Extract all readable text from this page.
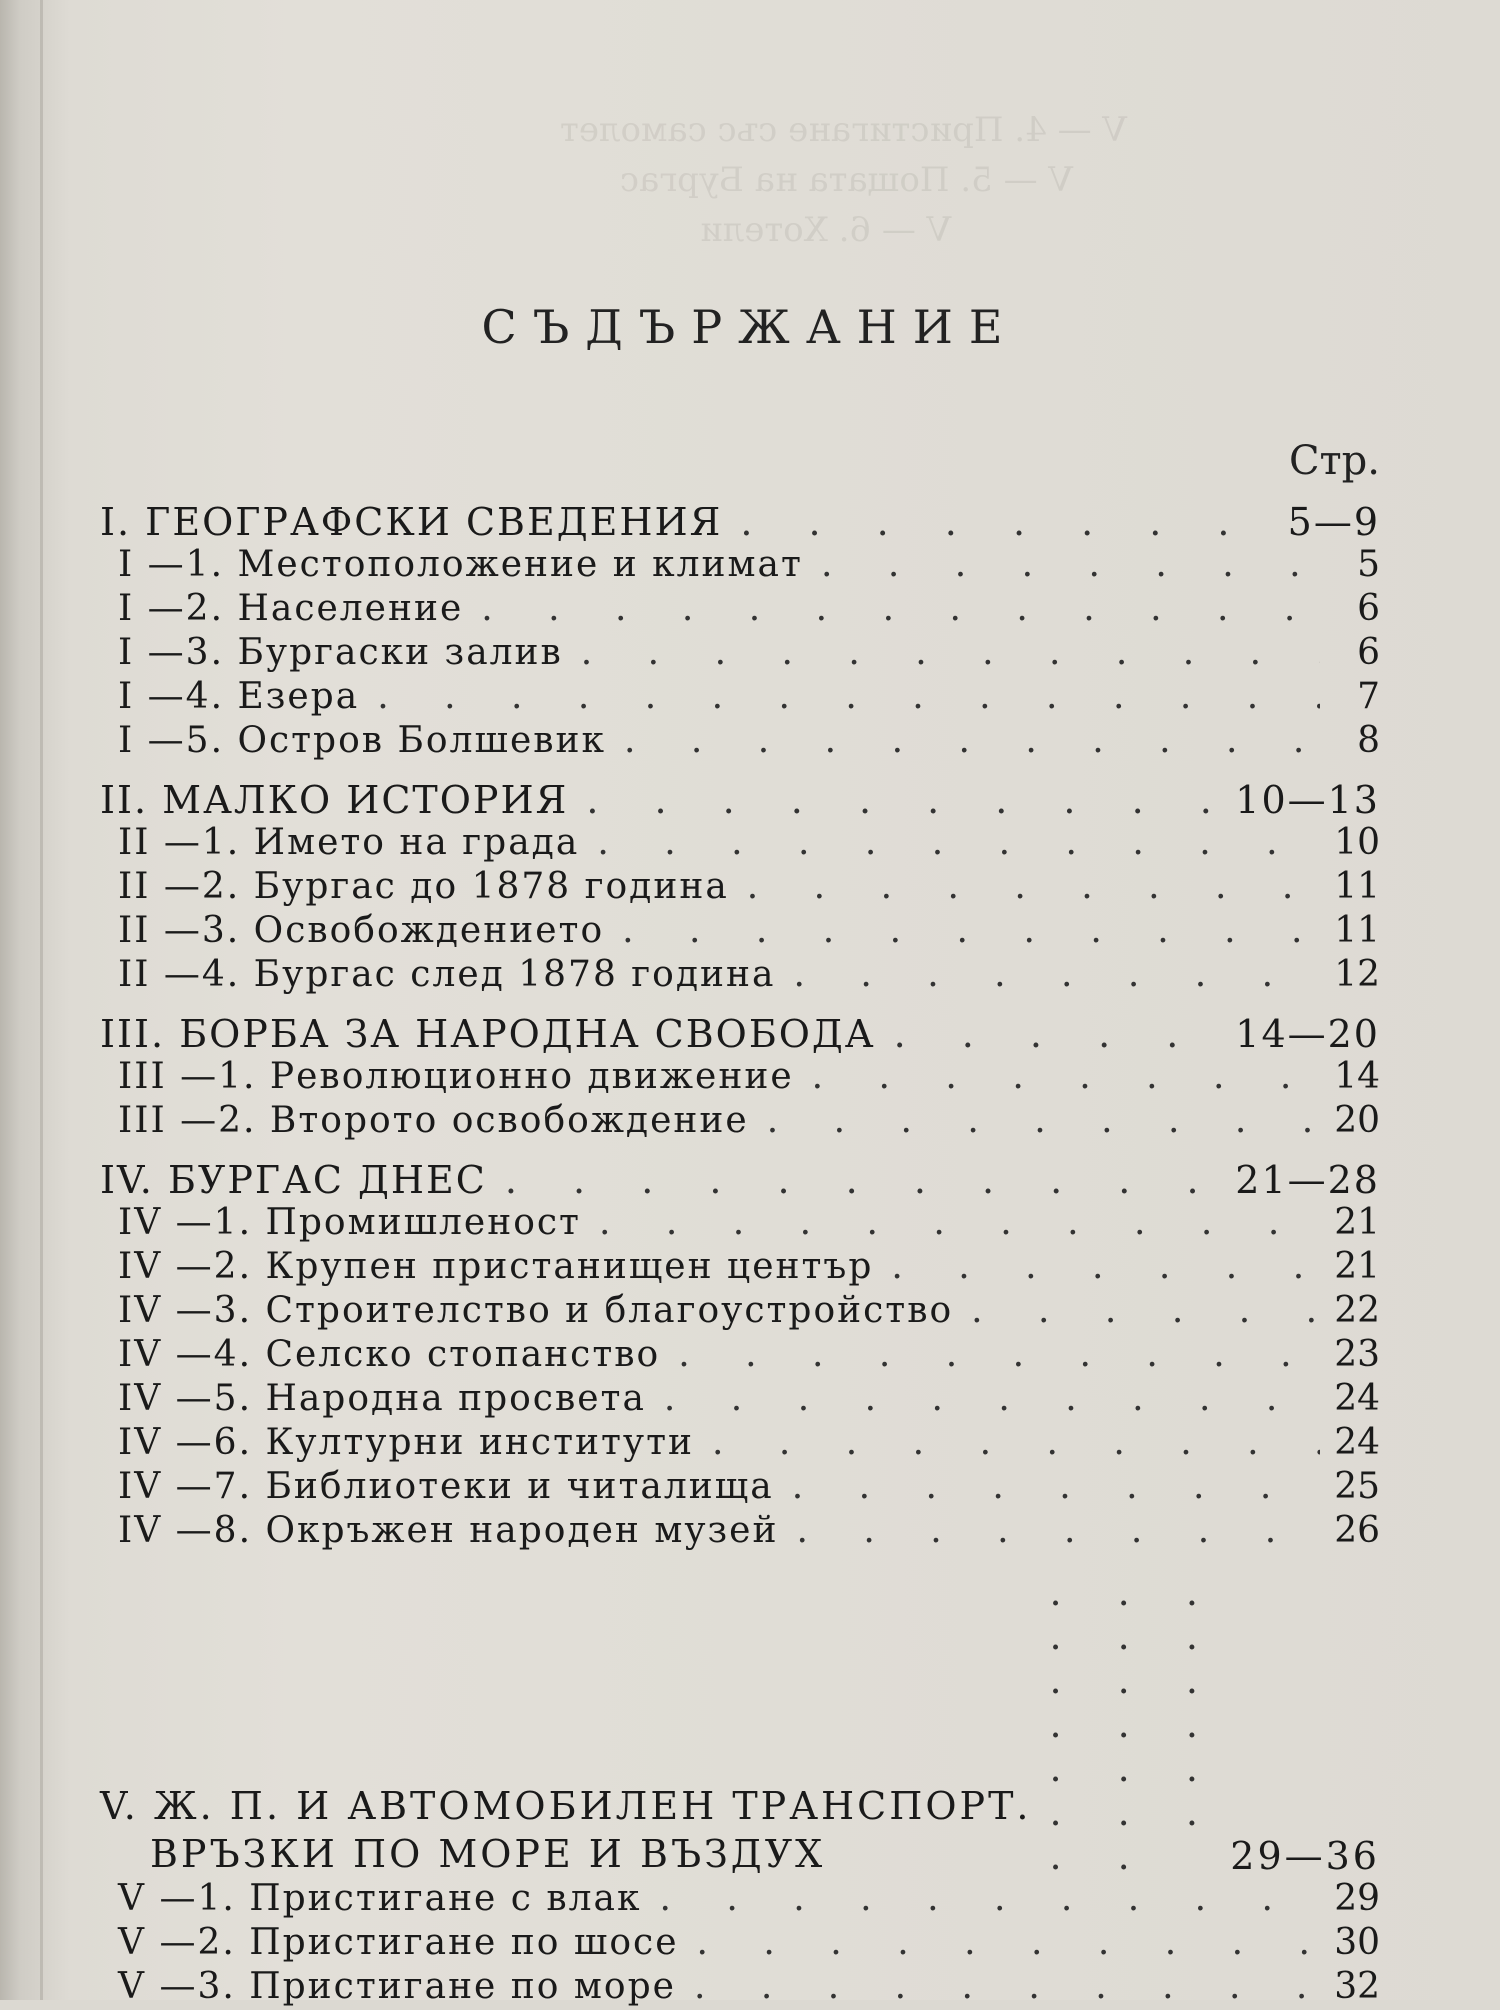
V — 4. Пристигане със самолет
V — 5. Пощата на Бургас
V — 6. Хотели
СЪДЪРЖАНИЕ
Стр.
I. ГЕОГРАФСКИ СВЕДЕНИЯ . . .	5—9
I —1. Местоположение и климат . . .	5
I —2. Население . . .	6
I —3. Бургаски залив . . .	6
I —4. Езера . . .	7
I —5. Остров Болшевик . . .	8
II. МАЛКО ИСТОРИЯ . . .	10—13
II —1. Името на града . . .	10
II —2. Бургас до 1878 година . . .	11
II —3. Освобождението . . .	11
II —4. Бургас след 1878 година . . .	12
III. БОРБА ЗА НАРОДНА СВОБОДА . . .	14—20
III —1. Революционно движение . . .	14
III —2. Второто освобождение . . .	20
IV. БУРГАС ДНЕС . . .	21—28
IV —1. Промишленост . . .	21
IV —2. Крупен пристанищен център . . .	21
IV —3. Строителство и благоустройство . . .	22
IV —4. Селско стопанство . . .	23
IV —5. Народна просвета . . .	24
IV —6. Културни институти . . .	24
IV —7. Библиотеки и читалища . . .	25
IV —8. Окръжен народен музей . . .	26
V. Ж. П. И АВТОМОБИЛЕН ТРАНСПОРТ.
ВРЪЗКИ ПО МОРЕ И ВЪЗДУХ . . .	29—36
V —1. Пристигане с влак . . .	29
V —2. Пристигане по шосе . . .	30
V —3. Пристигане по море . . .	32
